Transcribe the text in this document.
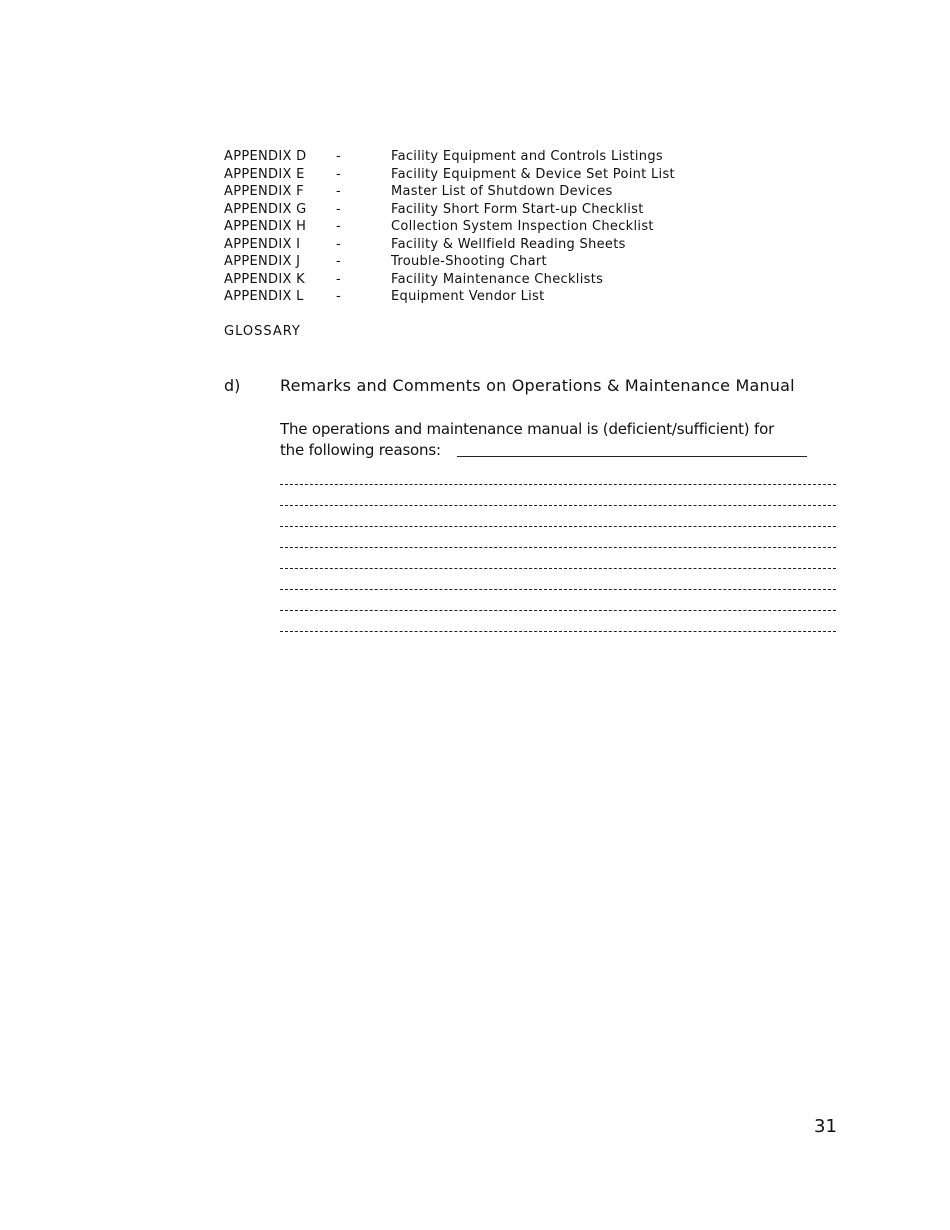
APPENDIX D	-	Facility Equipment and Controls Listings
APPENDIX E	-	Facility Equipment & Device Set Point List
APPENDIX F	-	Master List of Shutdown Devices
APPENDIX G	-	Facility Short Form Start-up Checklist
APPENDIX H	-	Collection System Inspection Checklist
APPENDIX I	-	Facility & Wellfield Reading Sheets
APPENDIX J	-	Trouble-Shooting Chart
APPENDIX K	-	Facility Maintenance Checklists
APPENDIX L	-	Equipment Vendor List
GLOSSARY
d) Remarks and Comments on Operations & Maintenance Manual
The operations and maintenance manual is (deficient/sufficient) for
the following reasons:
31
